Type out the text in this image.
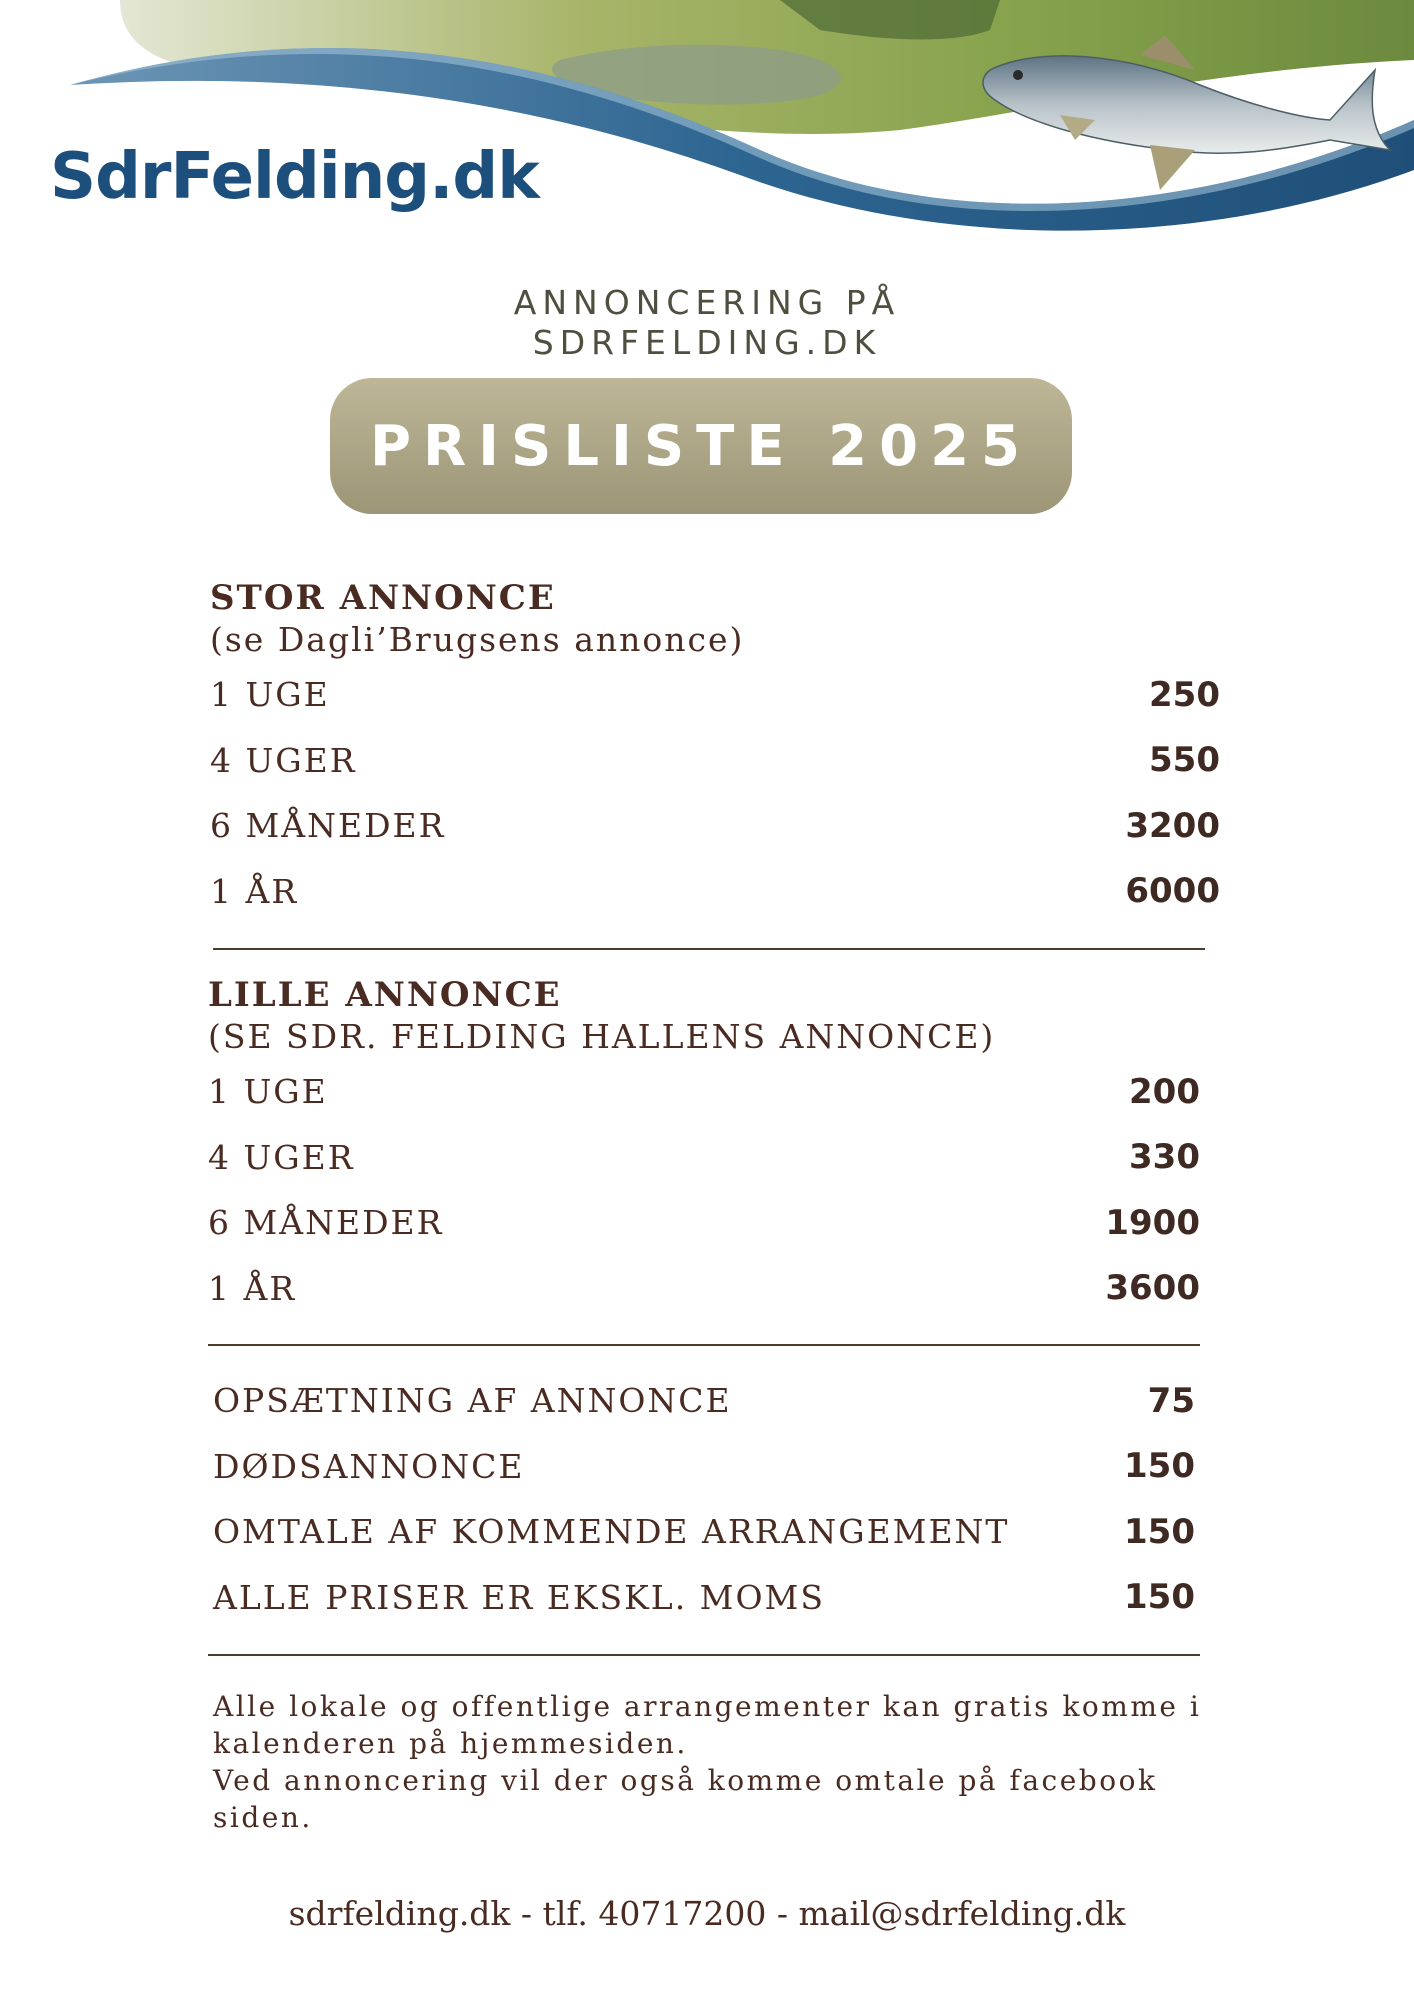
SdrFelding.dk
ANNONCERING PÅ
SDRFELDING.DK
PRISLISTE 2025
STOR ANNONCE
(se Dagli’Brugsens annonce)
1 UGE	250
4 UGER	550
6 MÅNEDER	3200
1 ÅR	6000
LILLE ANNONCE
(SE SDR. FELDING HALLENS ANNONCE)
1 UGE	200
4 UGER	330
6 MÅNEDER	1900
1 ÅR	3600
OPSÆTNING AF ANNONCE	75
DØDSANNONCE	150
OMTALE AF KOMMENDE ARRANGEMENT	150
ALLE PRISER ER EKSKL. MOMS	150
Alle lokale og offentlige arrangementer kan gratis komme i
kalenderen på hjemmesiden.
Ved annoncering vil der også komme omtale på facebook siden.
sdrfelding.dk - tlf. 40717200 - mail@sdrfelding.dk
